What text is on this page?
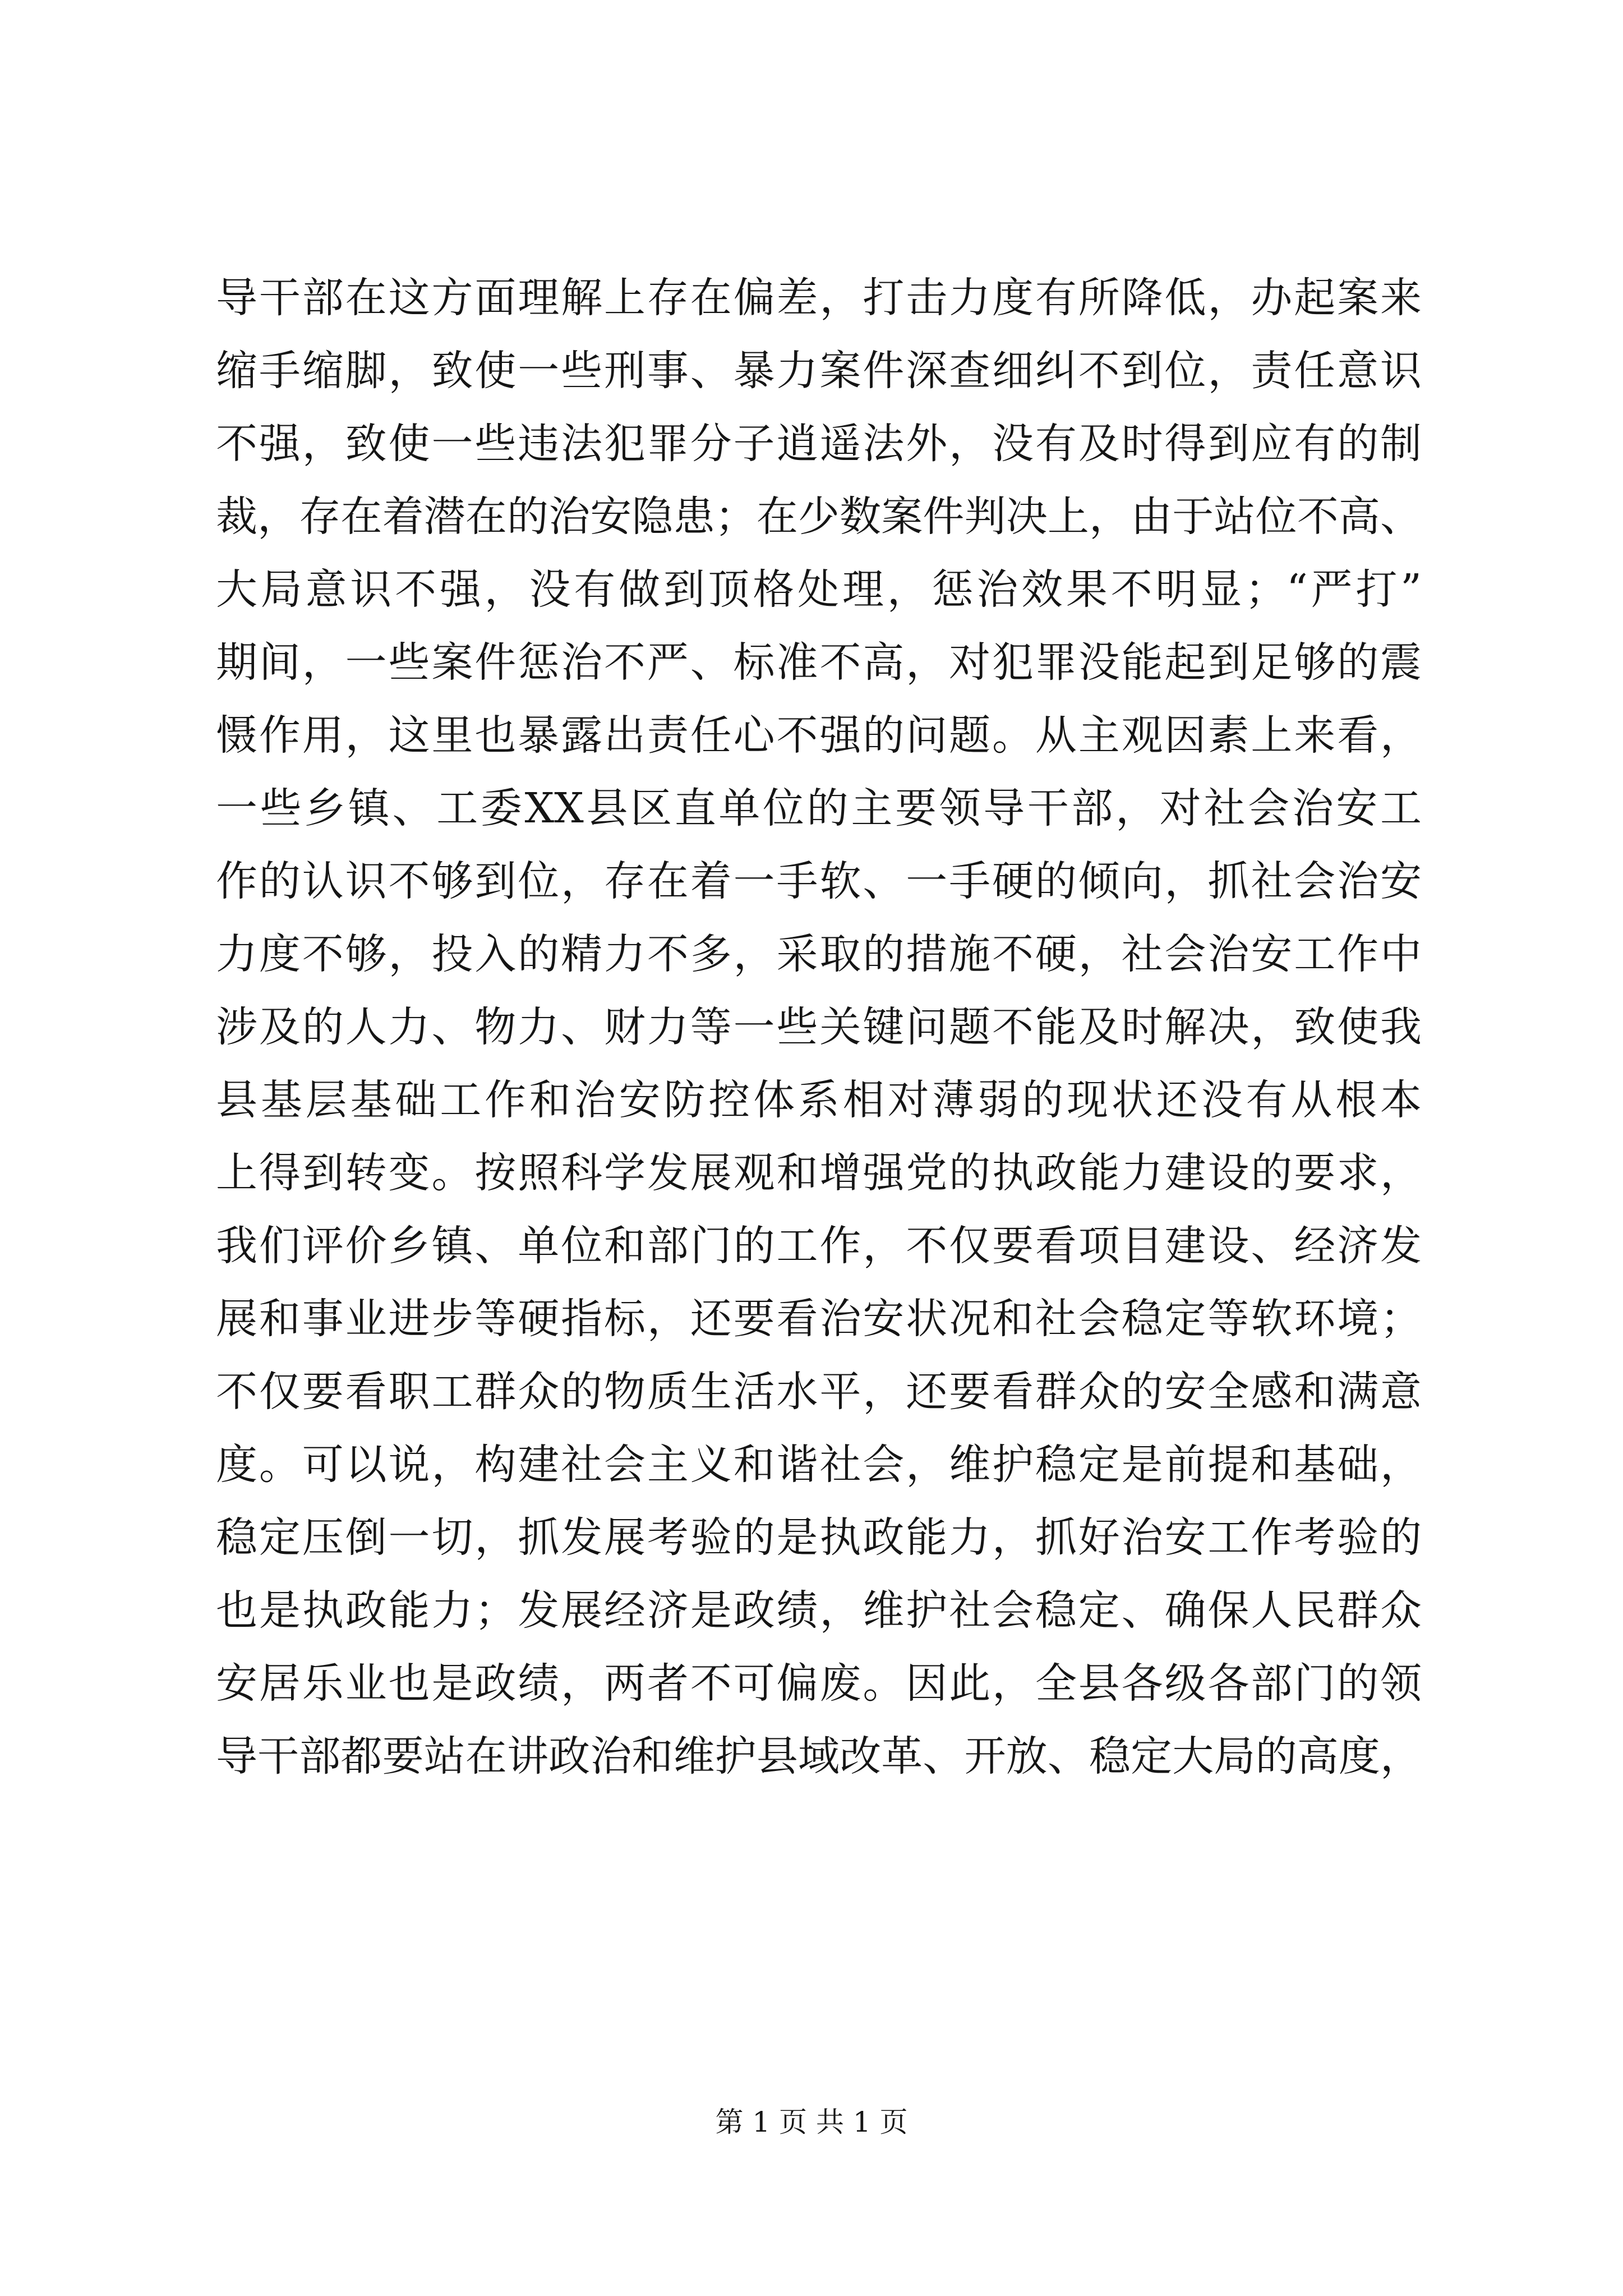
导干部在这方面理解上存在偏差，打击力度有所降低，办起案来
缩手缩脚，致使一些刑事、暴力案件深查细纠不到位，责任意识
不强，致使一些违法犯罪分子逍遥法外，没有及时得到应有的制
裁，存在着潜在的治安隐患；在少数案件判决上，由于站位不高、
大局意识不强，没有做到顶格处理，惩治效果不明显；“严打”
期间，一些案件惩治不严、标准不高，对犯罪没能起到足够的震
慑作用，这里也暴露出责任心不强的问题。从主观因素上来看，
一些乡镇、工委XX县区直单位的主要领导干部，对社会治安工
作的认识不够到位，存在着一手软、一手硬的倾向，抓社会治安
力度不够，投入的精力不多，采取的措施不硬，社会治安工作中
涉及的人力、物力、财力等一些关键问题不能及时解决，致使我
县基层基础工作和治安防控体系相对薄弱的现状还没有从根本
上得到转变。按照科学发展观和增强党的执政能力建设的要求，
我们评价乡镇、单位和部门的工作，不仅要看项目建设、经济发
展和事业进步等硬指标，还要看治安状况和社会稳定等软环境；
不仅要看职工群众的物质生活水平，还要看群众的安全感和满意
度。可以说，构建社会主义和谐社会，维护稳定是前提和基础，
稳定压倒一切，抓发展考验的是执政能力，抓好治安工作考验的
也是执政能力；发展经济是政绩，维护社会稳定、确保人民群众
安居乐业也是政绩，两者不可偏废。因此，全县各级各部门的领
导干部都要站在讲政治和维护县域改革、开放、稳定大局的高度，
第 1 页 共 1 页
